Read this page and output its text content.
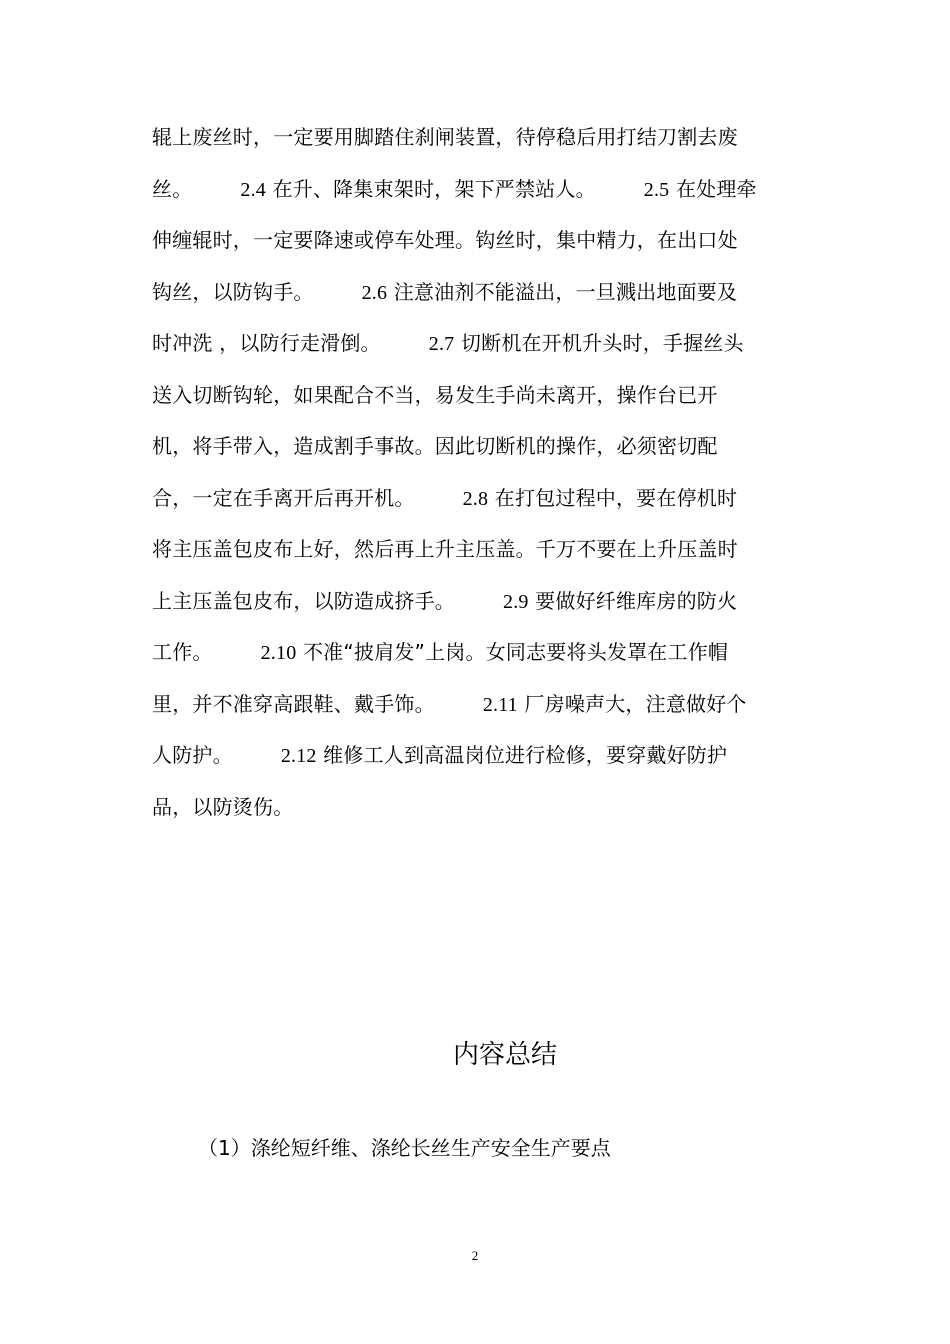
辊上废丝时，一定要用脚踏住刹闸装置，待停稳后用打结刀割去废
丝。 2.4 在升、降集束架时，架下严禁站人。 2.5 在处理牵
伸缠辊时，一定要降速或停车处理。钩丝时，集中精力，在出口处
钩丝，以防钩手。 2.6 注意油剂不能溢出，一旦溅出地面要及
时冲洗 ，以防行走滑倒。 2.7 切断机在开机升头时，手握丝头
送入切断钩轮，如果配合不当，易发生手尚未离开，操作台已开
机，将手带入，造成割手事故。因此切断机的操作，必须密切配
合，一定在手离开后再开机。 2.8 在打包过程中，要在停机时
将主压盖包皮布上好，然后再上升主压盖。千万不要在上升压盖时
上主压盖包皮布，以防造成挤手。 2.9 要做好纤维库房的防火
工作。 2.10 不准“披肩发”上岗。女同志要将头发罩在工作帽
里，并不准穿高跟鞋、戴手饰。 2.11 厂房噪声大，注意做好个
人防护。 2.12 维修工人到高温岗位进行检修，要穿戴好防护
品，以防烫伤。
内容总结
（1）涤纶短纤维、涤纶长丝生产安全生产要点
2
